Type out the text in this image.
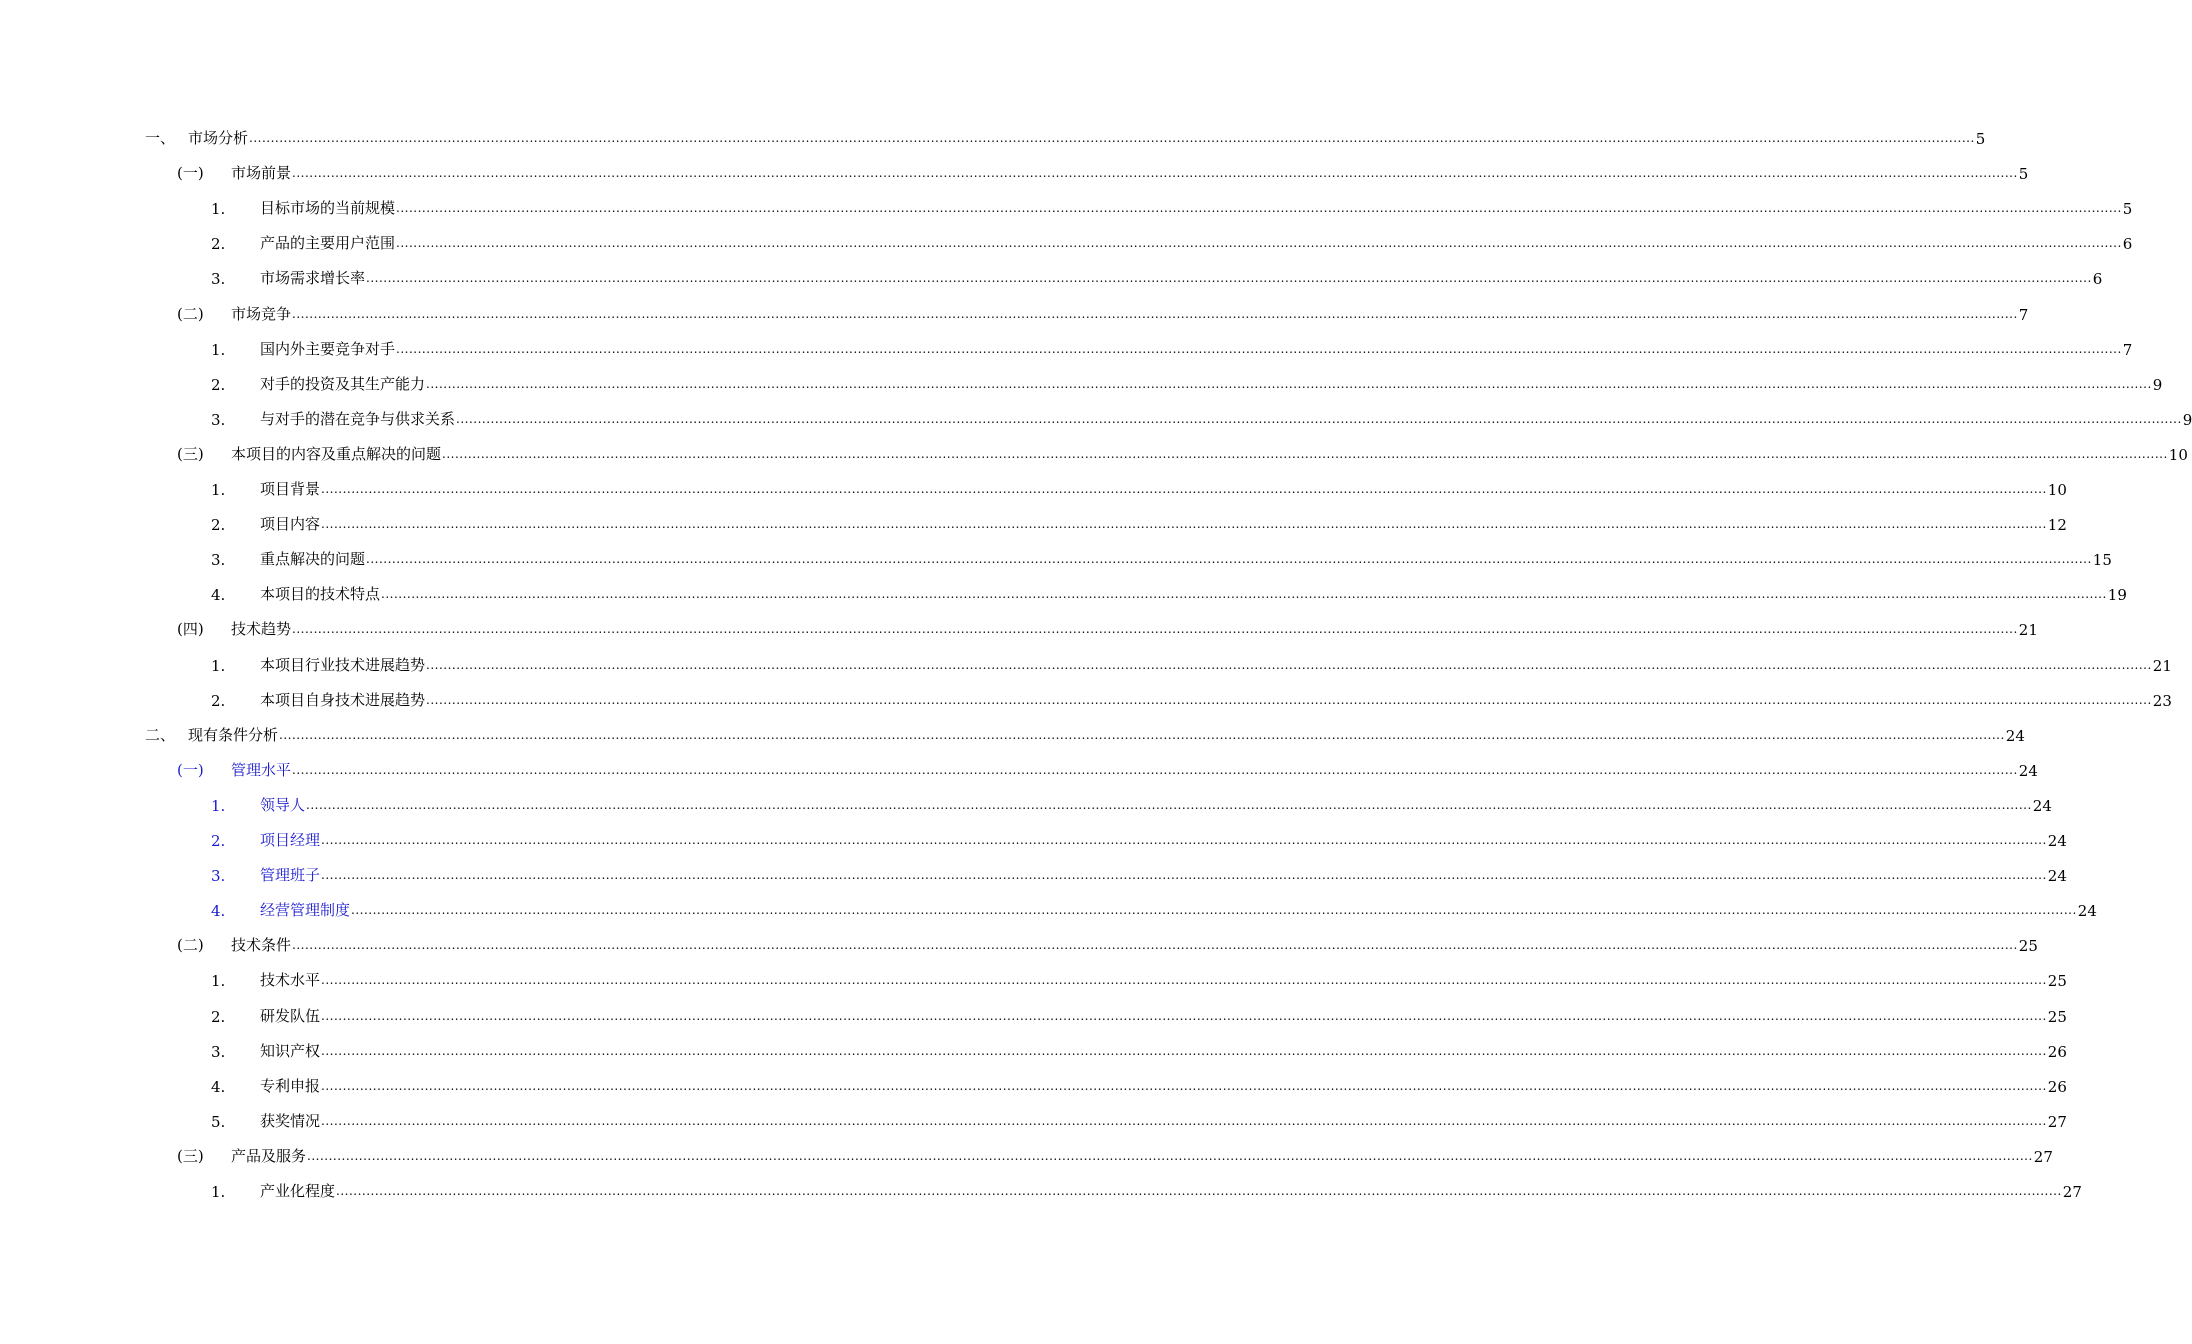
一、 市场分析 ................................................................................................................................................................................................................................................................................................................................................................................................................ 5
(一)	市场前景 ................................................................................................................................................................................................................................................................................................................................................................................................................ 5
1.	目标市场的当前规模 ................................................................................................................................................................................................................................................................................................................................................................................................................ 5
2.	产品的主要用户范围 ................................................................................................................................................................................................................................................................................................................................................................................................................ 6
3.	市场需求增长率 ................................................................................................................................................................................................................................................................................................................................................................................................................ 6
(二)	市场竞争 ................................................................................................................................................................................................................................................................................................................................................................................................................ 7
1.	国内外主要竞争对手 ................................................................................................................................................................................................................................................................................................................................................................................................................ 7
2.	对手的投资及其生产能力 ................................................................................................................................................................................................................................................................................................................................................................................................................ 9
3.	与对手的潜在竞争与供求关系 ................................................................................................................................................................................................................................................................................................................................................................................................................ 9
(三)	本项目的内容及重点解决的问题 ................................................................................................................................................................................................................................................................................................................................................................................................................ 10
1.	项目背景 ................................................................................................................................................................................................................................................................................................................................................................................................................ 10
2.	项目内容 ................................................................................................................................................................................................................................................................................................................................................................................................................ 12
3.	重点解决的问题 ................................................................................................................................................................................................................................................................................................................................................................................................................ 15
4.	本项目的技术特点 ................................................................................................................................................................................................................................................................................................................................................................................................................ 19
(四)	技术趋势 ................................................................................................................................................................................................................................................................................................................................................................................................................ 21
1.	本项目行业技术进展趋势 ................................................................................................................................................................................................................................................................................................................................................................................................................ 21
2.	本项目自身技术进展趋势 ................................................................................................................................................................................................................................................................................................................................................................................................................ 23
二、 现有条件分析 ................................................................................................................................................................................................................................................................................................................................................................................................................ 24
(一)	管理水平 ................................................................................................................................................................................................................................................................................................................................................................................................................ 24
1.	领导人 ................................................................................................................................................................................................................................................................................................................................................................................................................ 24
2.	项目经理 ................................................................................................................................................................................................................................................................................................................................................................................................................ 24
3.	管理班子 ................................................................................................................................................................................................................................................................................................................................................................................................................ 24
4.	经营管理制度 ................................................................................................................................................................................................................................................................................................................................................................................................................ 24
(二)	技术条件 ................................................................................................................................................................................................................................................................................................................................................................................................................ 25
1.	技术水平 ................................................................................................................................................................................................................................................................................................................................................................................................................ 25
2.	研发队伍 ................................................................................................................................................................................................................................................................................................................................................................................................................ 25
3.	知识产权 ................................................................................................................................................................................................................................................................................................................................................................................................................ 26
4.	专利申报 ................................................................................................................................................................................................................................................................................................................................................................................................................ 26
5.	获奖情况 ................................................................................................................................................................................................................................................................................................................................................................................................................ 27
(三)	产品及服务 ................................................................................................................................................................................................................................................................................................................................................................................................................ 27
1.	产业化程度 ................................................................................................................................................................................................................................................................................................................................................................................................................ 27
